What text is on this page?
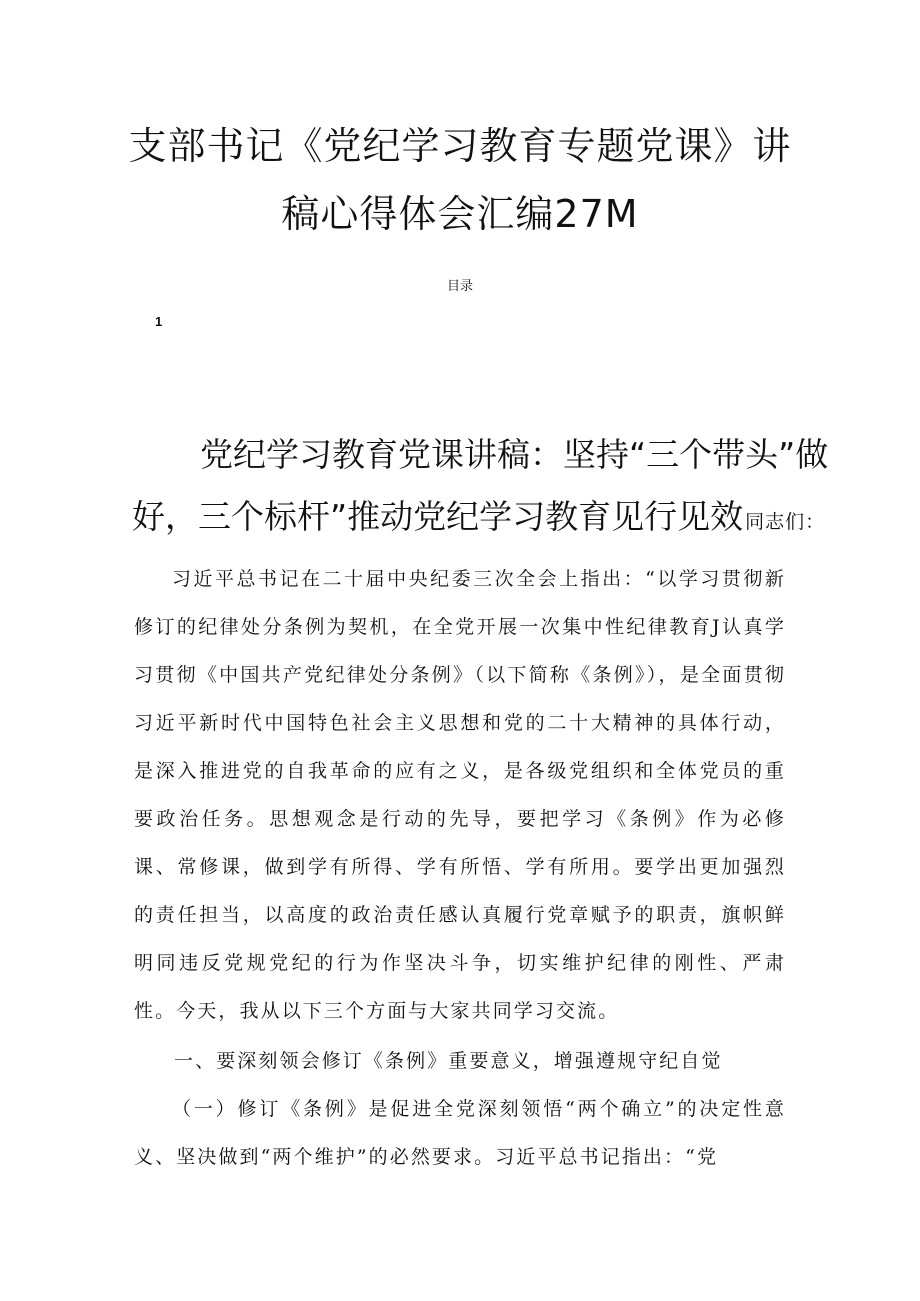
支部书记《党纪学习教育专题党课》讲
稿心得体会汇编27M
目录
1
党纪学习教育党课讲稿：坚持“三个带头”做
好，三个标杆”推动党纪学习教育见行见效 同志们：
习近平总书记在二十届中央纪委三次全会上指出：“以学习贯彻新修订的纪律处分条例为契机，在全党开展一次集中性纪律教育J认真学习贯彻《中国共产党纪律处分条例》（以下简称《条例》），是全面贯彻习近平新时代中国特色社会主义思想和党的二十大精神的具体行动，是深入推进党的自我革命的应有之义，是各级党组织和全体党员的重要政治任务。思想观念是行动的先导，要把学习《条例》作为必修课、常修课，做到学有所得、学有所悟、学有所用。要学出更加强烈的责任担当，以高度的政治责任感认真履行党章赋予的职责，旗帜鲜明同违反党规党纪的行为作坚决斗争，切实维护纪律的刚性、严肃性。今天，我从以下三个方面与大家共同学习交流。
一、要深刻领会修订《条例》重要意义，增强遵规守纪自觉
（一）修订《条例》是促进全党深刻领悟“两个确立”的决定性意义、坚决做到“两个维护”的必然要求。习近平总书记指出：“党
